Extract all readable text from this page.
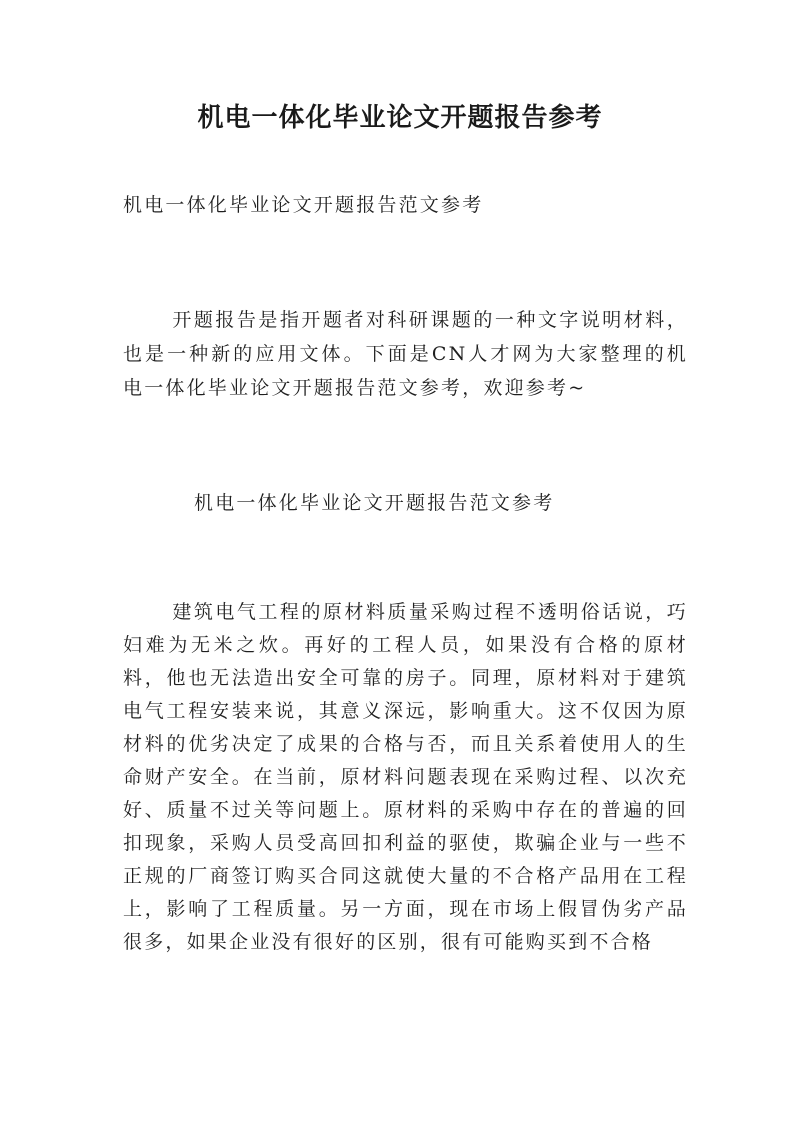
机电一体化毕业论文开题报告参考
机电一体化毕业论文开题报告范文参考
开题报告是指开题者对科研课题的一种文字说明材料，也是一种新的应用文体。下面是CN人才网为大家整理的机电一体化毕业论文开题报告范文参考，欢迎参考~
机电一体化毕业论文开题报告范文参考
建筑电气工程的原材料质量采购过程不透明俗话说，巧妇难为无米之炊。再好的工程人员，如果没有合格的原材料，他也无法造出安全可靠的房子。同理，原材料对于建筑电气工程安装来说，其意义深远，影响重大。这不仅因为原材料的优劣决定了成果的合格与否，而且关系着使用人的生命财产安全。在当前，原材料问题表现在采购过程、以次充好、质量不过关等问题上。原材料的采购中存在的普遍的回扣现象，采购人员受高回扣利益的驱使，欺骗企业与一些不正规的厂商签订购买合同这就使大量的不合格产品用在工程上，影响了工程质量。另一方面，现在市场上假冒伪劣产品很多，如果企业没有很好的区别，很有可能购买到不合格
